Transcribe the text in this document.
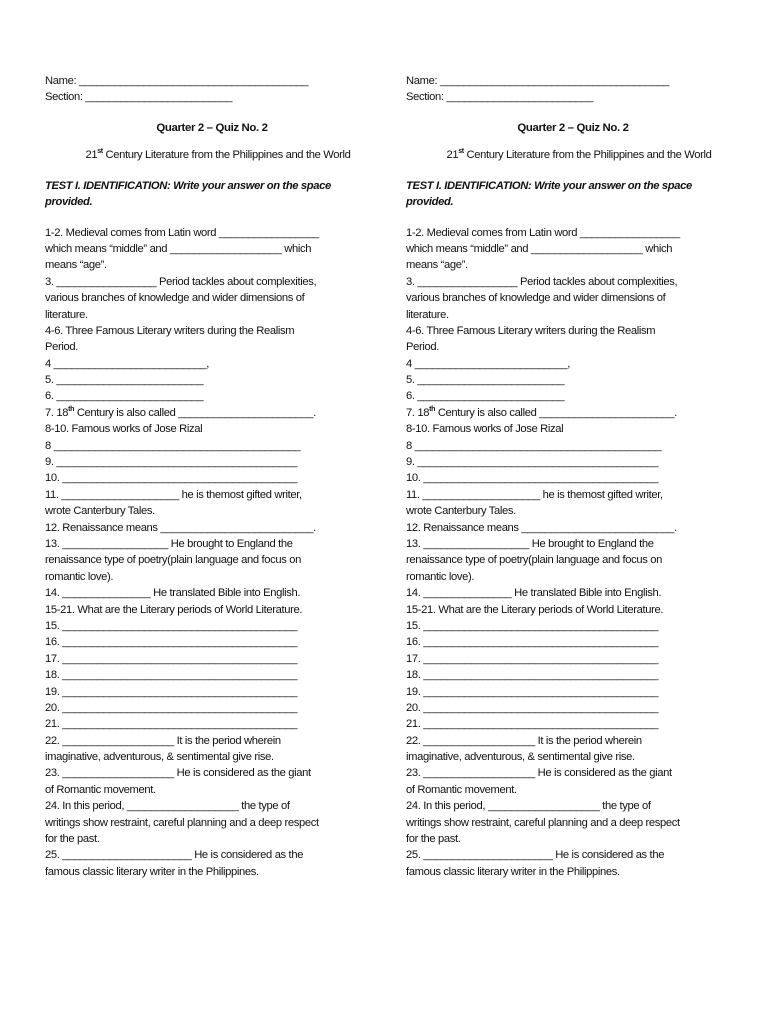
Name: _______________________________________
Section: _________________________
Quarter 2 – Quiz No. 2
21st Century Literature from the Philippines and the World
TEST I. IDENTIFICATION: Write your answer on the space provided.
1-2. Medieval comes from Latin word _________________
which means “middle” and ___________________ which
means “age”.
3. _________________ Period tackles about complexities,
various branches of knowledge and wider dimensions of
literature.
4-6. Three Famous Literary writers during the Realism
Period.
4 __________________________,
5. _________________________
6. _________________________
7. 18th Century is also called _______________________.
8-10. Famous works of Jose Rizal
8 __________________________________________
9. _________________________________________
10. ________________________________________
11. ____________________ he is themost gifted writer,
wrote Canterbury Tales.
12. Renaissance means __________________________.
13. __________________ He brought to England the
renaissance type of poetry(plain language and focus on
romantic love).
14. _______________ He translated Bible into English.
15-21. What are the Literary periods of World Literature.
15. ________________________________________
16. ________________________________________
17. ________________________________________
18. ________________________________________
19. ________________________________________
20. ________________________________________
21. ________________________________________
22. ___________________ It is the period wherein
imaginative, adventurous, & sentimental give rise.
23. ___________________ He is considered as the giant
of Romantic movement.
24. In this period, ___________________ the type of
writings show restraint, careful planning and a deep respect
for the past.
25. ______________________ He is considered as the
famous classic literary writer in the Philippines.
Name: _______________________________________
Section: _________________________
Quarter 2 – Quiz No. 2
21st Century Literature from the Philippines and the World
TEST I. IDENTIFICATION: Write your answer on the space provided.
1-2. Medieval comes from Latin word _________________
which means “middle” and ___________________ which
means “age”.
3. _________________ Period tackles about complexities,
various branches of knowledge and wider dimensions of
literature.
4-6. Three Famous Literary writers during the Realism
Period.
4 __________________________,
5. _________________________
6. _________________________
7. 18th Century is also called _______________________.
8-10. Famous works of Jose Rizal
8 __________________________________________
9. _________________________________________
10. ________________________________________
11. ____________________ he is themost gifted writer,
wrote Canterbury Tales.
12. Renaissance means __________________________.
13. __________________ He brought to England the
renaissance type of poetry(plain language and focus on
romantic love).
14. _______________ He translated Bible into English.
15-21. What are the Literary periods of World Literature.
15. ________________________________________
16. ________________________________________
17. ________________________________________
18. ________________________________________
19. ________________________________________
20. ________________________________________
21. ________________________________________
22. ___________________ It is the period wherein
imaginative, adventurous, & sentimental give rise.
23. ___________________ He is considered as the giant
of Romantic movement.
24. In this period, ___________________ the type of
writings show restraint, careful planning and a deep respect
for the past.
25. ______________________ He is considered as the
famous classic literary writer in the Philippines.
